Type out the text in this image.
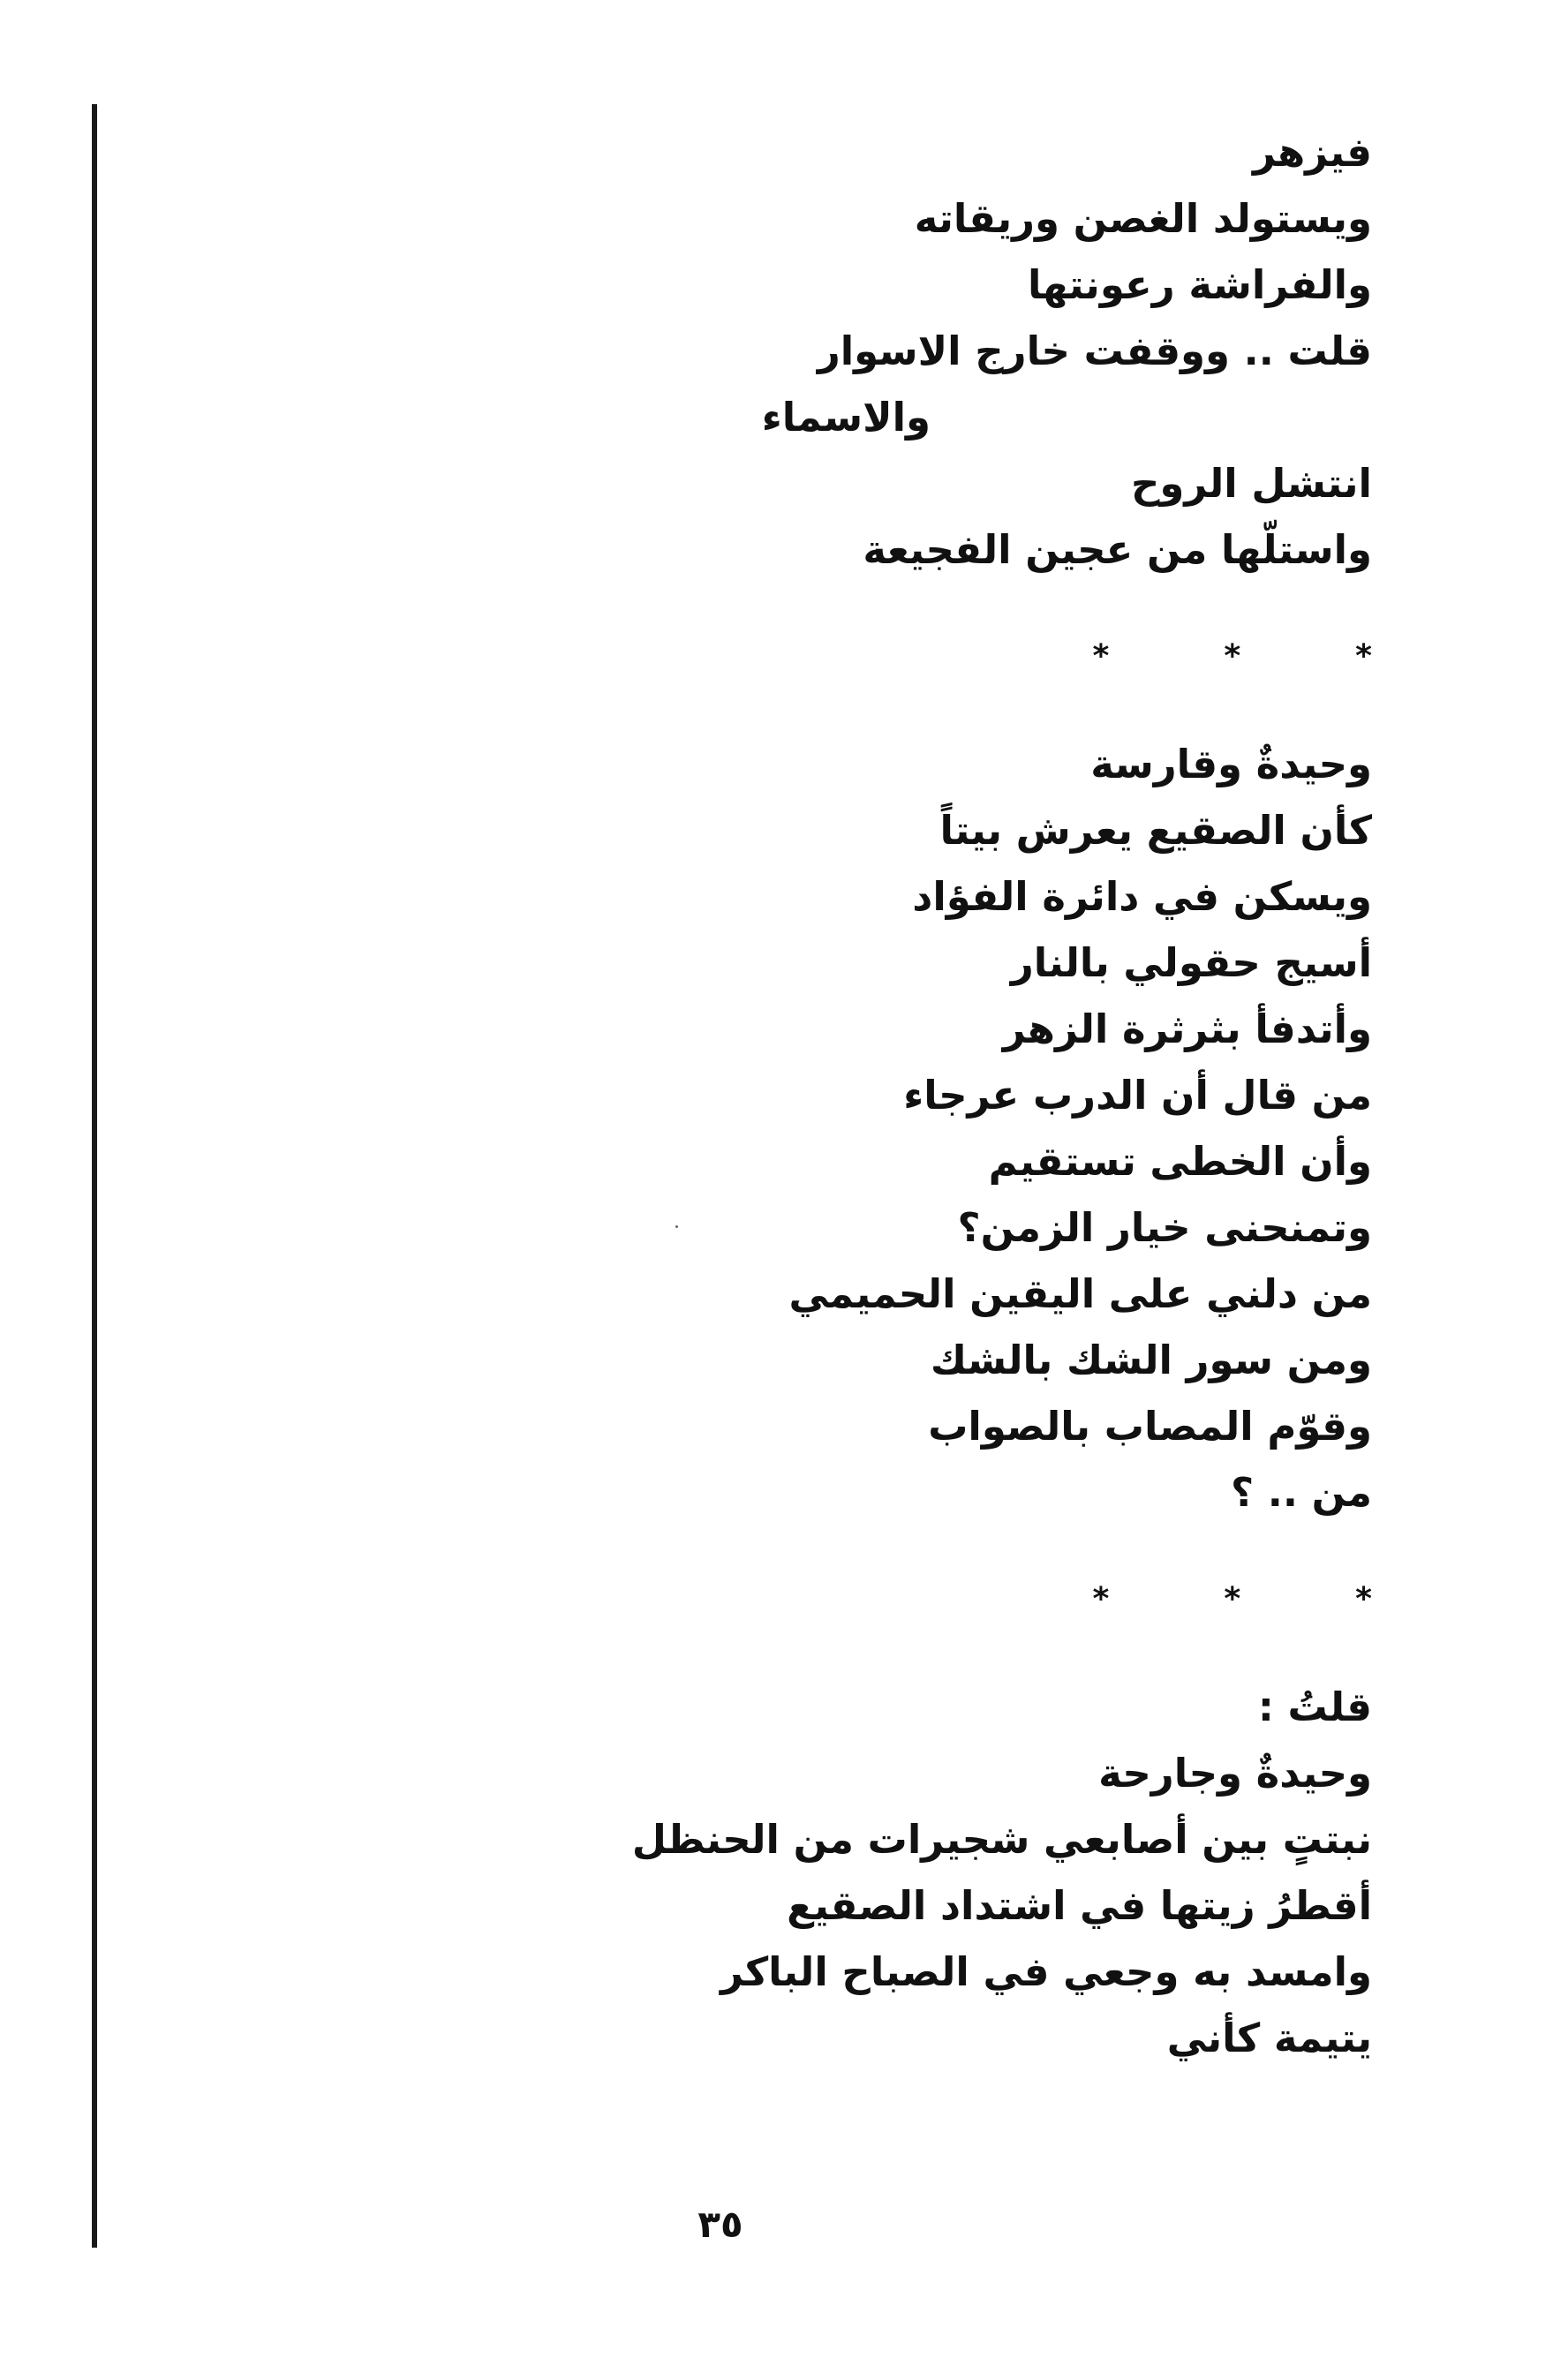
فيزهر
ويستولد الغصن وريقاته
والفراشة رعونتها
قلت .. ووقفت خارج الاسوار
والاسماء
انتشل الروح
واستلّها من عجين الفجيعة
*
*
*
وحيدةٌ وقارسة
كأن الصقيع يعرش بيتاً
ويسكن في دائرة الفؤاد
أسيج حقولي بالنار
وأتدفأ بثرثرة الزهر
من قال أن الدرب عرجاء
وأن الخطى تستقيم
وتمنحنى خيار الزمن؟
من دلني على اليقين الحميمي
ومن سور الشك بالشك
وقوّم المصاب بالصواب
من .. ؟
*
*
*
قلتُ :
وحيدةٌ وجارحة
نبتتٍ بين أصابعي شجيرات من الحنظل
أقطرُ زيتها في اشتداد الصقيع
وامسد به وجعي في الصباح الباكر
يتيمة كأني
٣٥
